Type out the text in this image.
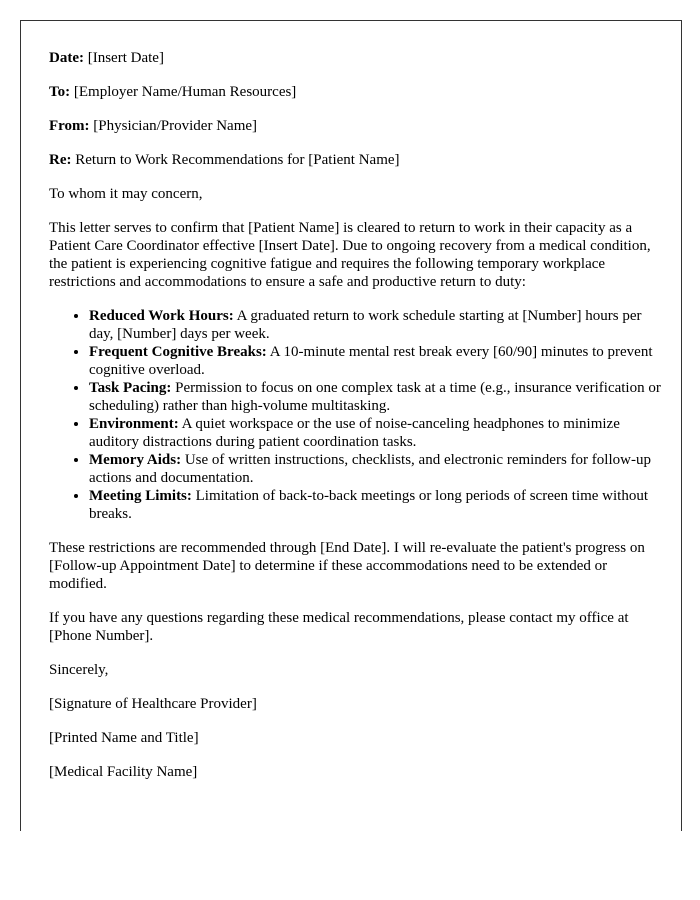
Date: [Insert Date]

To: [Employer Name/Human Resources]

From: [Physician/Provider Name]

Re: Return to Work Recommendations for [Patient Name]

To whom it may concern,

This letter serves to confirm that [Patient Name] is cleared to return to work in their capacity as a Patient Care Coordinator effective [Insert Date]. Due to ongoing recovery from a medical condition, the patient is experiencing cognitive fatigue and requires the following temporary workplace restrictions and accommodations to ensure a safe and productive return to duty:

• Reduced Work Hours: A graduated return to work schedule starting at [Number] hours per day, [Number] days per week.
• Frequent Cognitive Breaks: A 10-minute mental rest break every [60/90] minutes to prevent cognitive overload.
• Task Pacing: Permission to focus on one complex task at a time (e.g., insurance verification or scheduling) rather than high-volume multitasking.
• Environment: A quiet workspace or the use of noise-canceling headphones to minimize auditory distractions during patient coordination tasks.
• Memory Aids: Use of written instructions, checklists, and electronic reminders for follow-up actions and documentation.
• Meeting Limits: Limitation of back-to-back meetings or long periods of screen time without breaks.

These restrictions are recommended through [End Date]. I will re-evaluate the patient's progress on [Follow-up Appointment Date] to determine if these accommodations need to be extended or modified.

If you have any questions regarding these medical recommendations, please contact my office at [Phone Number].

Sincerely,

[Signature of Healthcare Provider]

[Printed Name and Title]

[Medical Facility Name]
